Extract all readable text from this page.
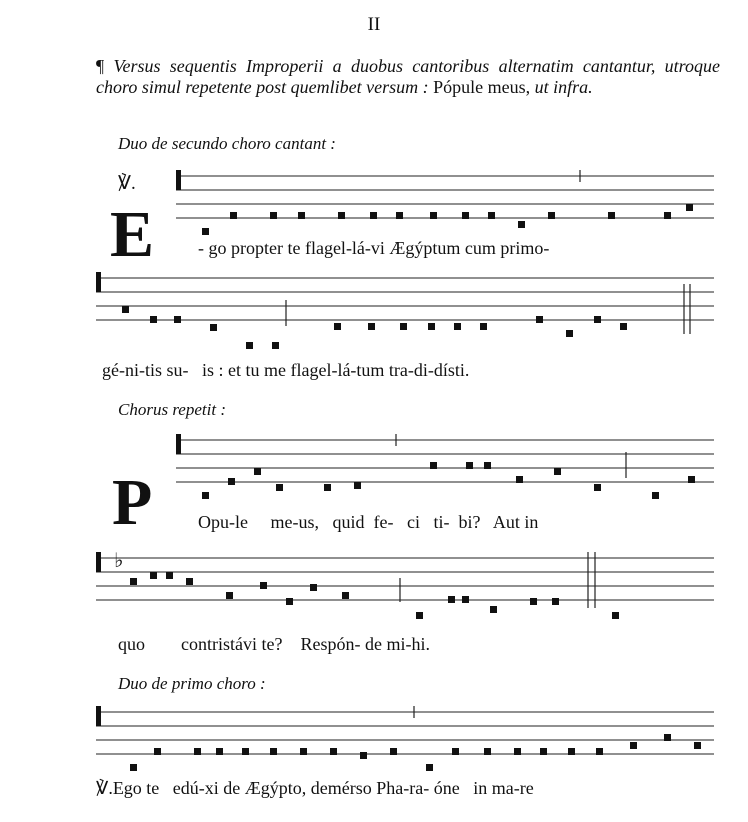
II
¶ Versus sequentis Improperii a duobus cantoribus alternatim cantantur, utroque choro simul repetente post quemlibet versum : Pópule meus, ut infra.
Duo de secundo choro cantant :
℣.
E - go propter te flagel-lá-vi Ægýptum cum primo-
gé-ni-tis su-   is : et tu me flagel-lá-tum tra-di-dísti.
Chorus repetit :
P	Opu-le     me-us,   quid  fe-   ci   ti-  bi?   Aut in
♭
quo        contristávi te?    Respón- de mi-hi.
Duo de primo choro :
℣.Ego te   edú-xi de Ægýpto, demérso Pha-ra- óne   in ma-re
